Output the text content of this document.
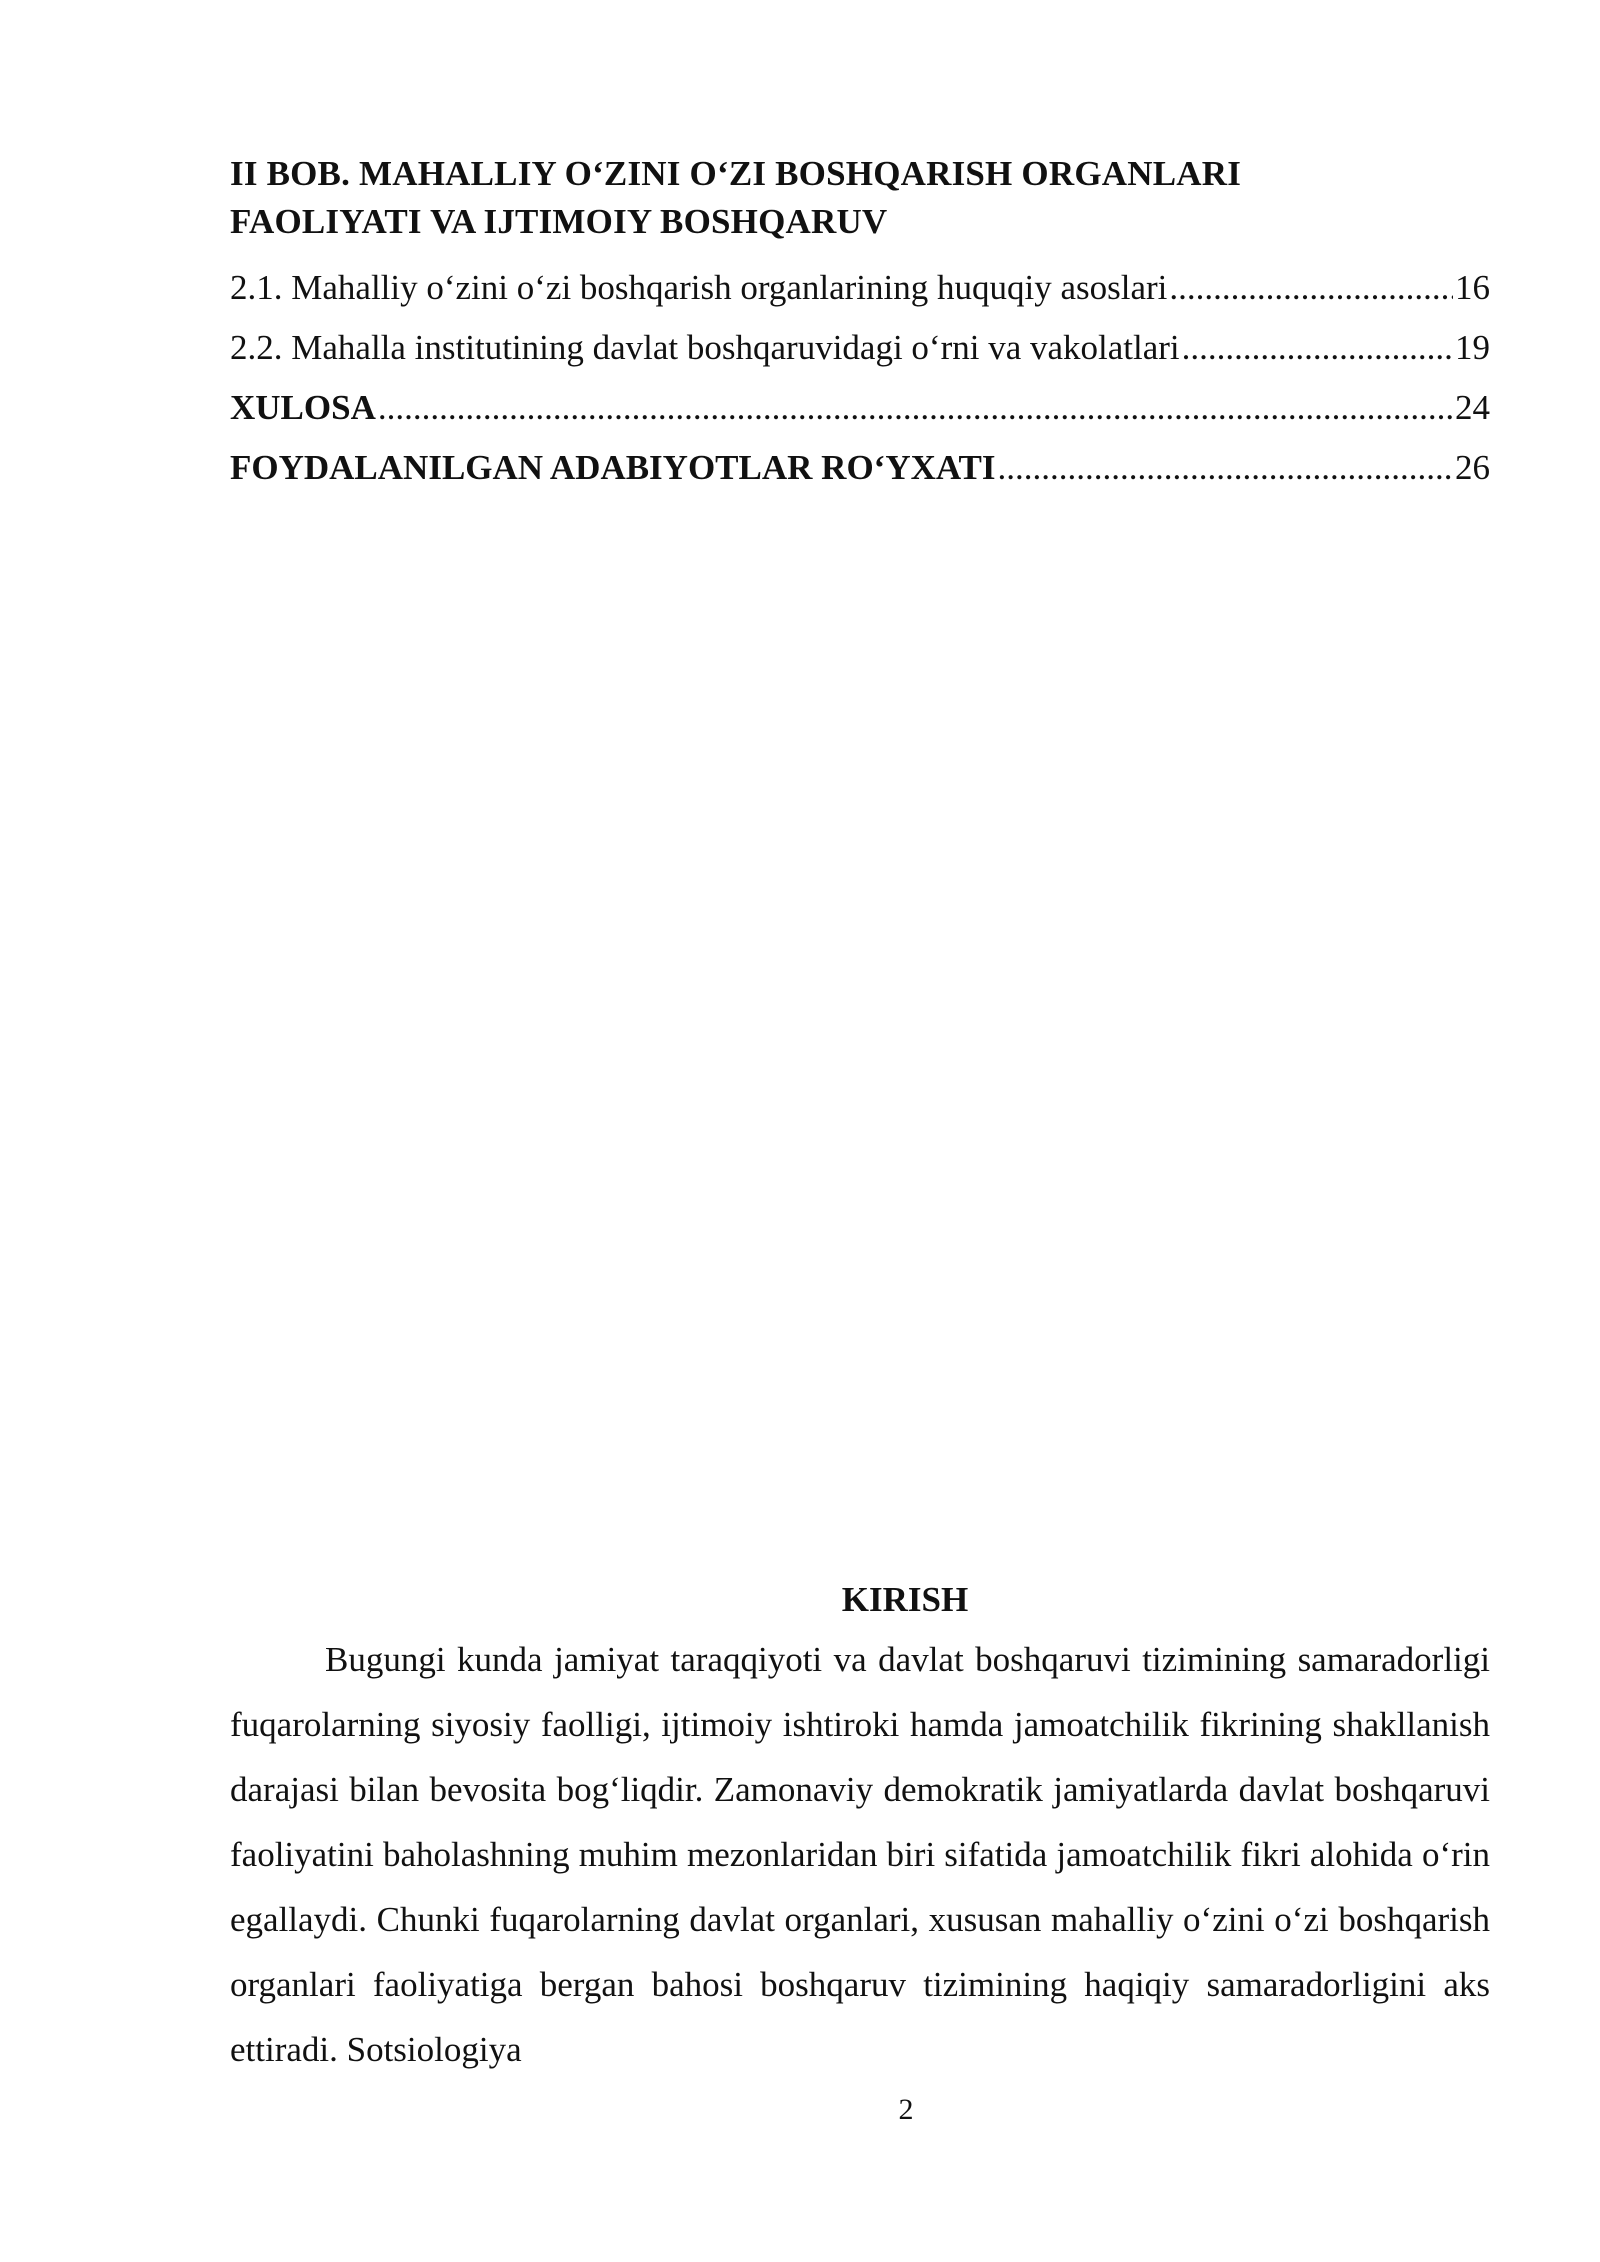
II BOB. MAHALLIY O‘ZINI O‘ZI BOSHQARISH ORGANLARI
FAOLIYATI VA IJTIMOIY BOSHQARUV
2.1. Mahalliy o‘zini o‘zi boshqarish organlarining huquqiy asoslari .....	16
2.2. Mahalla institutining davlat boshqaruvidagi o‘rni va vakolatlari .....	19
XULOSA .....	24
FOYDALANILGAN ADABIYOTLAR RO‘YXATI .....	26
KIRISH

Bugungi kunda jamiyat taraqqiyoti va davlat boshqaruvi tizimining samaradorligi fuqarolarning siyosiy faolligi, ijtimoiy ishtiroki hamda jamoatchilik fikrining shakllanish darajasi bilan bevosita bog‘liqdir. Zamonaviy demokratik jamiyatlarda davlat boshqaruvi faoliyatini baholashning muhim mezonlaridan biri sifatida jamoatchilik fikri alohida o‘rin egallaydi. Chunki fuqarolarning davlat organlari, xususan mahalliy o‘zini o‘zi boshqarish organlari faoliyatiga bergan bahosi boshqaruv tizimining haqiqiy samaradorligini aks ettiradi. Sotsiologiya

2
